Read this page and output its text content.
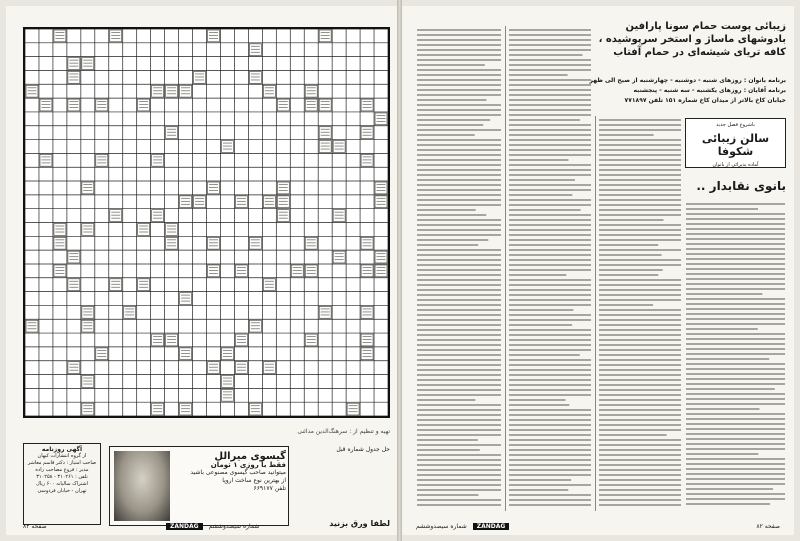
تهیه و تنظیم از : سرهنگ‌الدین مدائنی
آگهی روزنامه
از گروه انتشارات کیهان
صاحب امتیاز : دکتر قاسم معاشر
مدیر : فروغ مصاحب زاده
تلفن : ۳۱۰۲۶۱ - ۳۱۰۲۵۸
اشتراک سالیانه ۶۰۰ ریال
تهران - خیابان فردوسی
گیسوی میرالل
فقط با روزی ۱ تومان
میتوانید صاحب گیسوی مصنوعی باشید
از بهترین نوع ساخت اروپا
تلفن ۶۶۹۱۷۷
حل جدول شماره قبل
لطفا ورق بزنید
صفحه ۸۳	ZANDAG	شماره سیصدوششم
زیبائی پوست حمام سونا پارافین بادوشهای ماساژ و استخر سرپوشیده ، کافه تریای شیشه‌ای در حمام آفتاب
برنامه بانوان : روزهای شنبه - دوشنبه - چهارشنبه از صبح الی ظهر
برنامه آقایان : روزهای یکشنبه - سه شنبه - پنجشنبه
خیابان کاخ بالاتر از میدان کاخ شماره ۱۵۱ تلفن ۷۷۱۸۹۷
باشروع فصل جدید
سالن زیبائی شکوفا
آماده پذیرائی از بانوان
بانوی نقابدار ..
صفحه ۸۲
شماره سیصدوششم	ZANDAG
